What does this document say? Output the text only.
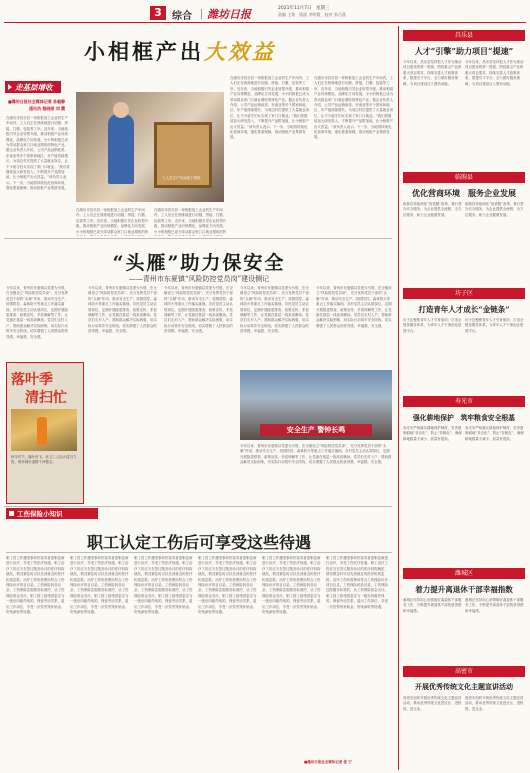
3	综合 潍坊日报	2021年11月7日　星期三
责编 王铭　版面 李明霞　校对 张巧燕
小相框产出大效益
走基层增收
■潍坊日报社全媒体记者 孙毅静
通讯员 程晓丽 刘 霞
在潍坊市昌乐县一家相框加工企业的生产车间内，工人们正在熟练地进行切割、拼接、打磨、包装等工序。近年来，当地积极引导企业转型升级，推动相框产业向规模化、品牌化方向发展，小小的相框已成为带动群众家门口就业增收的特色产业。据企业负责人介绍，公司产品远销欧美、东南亚等多个国家和地区，年产值持续增长，为周边村庄提供了大量就业岗位，让不少留守妇女实现了家门口就业。“我们将继续加大研发投入，不断提升产品附加值，让小相框产出大效益。”该负责人表示。下一步，当地将持续优化营商环境，强化要素保障，推动相框产业集群发展。
工人在生产车间加工相框
在潍坊市昌乐县一家相框加工企业的生产车间内，工人们正在熟练地进行切割、拼接、打磨、包装等工序。近年来，当地积极引导企业转型升级，推动相框产业向规模化、品牌化方向发展，小小的相框已成为带动群众家门口就业增收的特
在潍坊市昌乐县一家相框加工企业的生产车间内，工人们正在熟练地进行切割、拼接、打磨、包装等工序。近年来，当地积极引导企业转型升级，推动相框产业向规模化、品牌化方向发展，小小的相框已成为带动群众家门口就业增收的特
在潍坊市昌乐县一家相框加工企业的生产车间内，工人们正在熟练地进行切割、拼接、打磨、包装等工序。近年来，当地积极引导企业转型升级，推动相框产业向规模化、品牌化方向发展，小小的相框已成为带动群众家门口就业增收的特色产业。据企业负责人介绍，公司产品远销欧美、东南亚等多个国家和地区，年产值持续增长，为周边村庄提供了大量就业岗位，让不少留守妇女实现了家门口就业。“我们将继续加大研发投入，不断提升产品附加值，让小相框产出大效益。”该负责人表示。下一步，当地将持续优化营商环境，强化要素保障，推动相框产业集群发展。
在潍坊市昌乐县一家相框加工企业的生产车间内，工人们正在熟练地进行切割、拼接、打磨、包装等工序。近年来，当地积极引导企业转型升级，推动相框产业向规模化、品牌化方向发展，小小的相框已成为带动群众家门口就业增收的特色产业。据企业负责人介绍，公司产品远销欧美、东南亚等多个国家和地区，年产值持续增长，为周边村庄提供了大量就业岗位，让不少留守妇女实现了家门口就业。“我们将继续加大研发投入，不断提升产品附加值，让小相框产出大效益。”该负责人表示。下一步，当地将持续优化营商环境，强化要素保障，推动相框产业集群发展。
“头雁”助力保安全
——青州市东夏镇“风险防控党员岗”建设侧记
今年以来，青州市东夏镇以党建为引领，在全镇设立“风险防控党员岗”，充分发挥党员干部的“头雁”作用，推动安全生产、疫情防控、森林防火等重点工作落实落细。各村党员主动认领岗位，定期开展隐患排查、政策宣传、矛盾调解等工作，让党旗在基层一线高高飘扬。党员们走村入户，帮助群众解决实际困难，用实际行动筑牢安全防线，切实增强了人民群众的获得感、幸福感、安全感。
落叶季
清扫忙
秋冬时节，落叶纷飞，环卫工人加大清扫力度，保持城市道路干净整洁。
今年以来，青州市东夏镇以党建为引领，在全镇设立“风险防控党员岗”，充分发挥党员干部的“头雁”作用，推动安全生产、疫情防控、森林防火等重点工作落实落细。各村党员主动认领岗位，定期开展隐患排查、政策宣传、矛盾调解等工作，让党旗在基层一线高高飘扬。党员们走村入户，帮助群众解决实际困难，用实际行动筑牢安全防线，切实增强了人民群众的获得感、幸福感、安全感。
今年以来，青州市东夏镇以党建为引领，在全镇设立“风险防控党员岗”，充分发挥党员干部的“头雁”作用，推动安全生产、疫情防控、森林防火等重点工作落实落细。各村党员主动认领岗位，定期开展隐患排查、政策宣传、矛盾调解等工作，让党旗在基层一线高高飘扬。党员们走村入户，帮助群众解决实际困难，用实际行动筑牢安全防线，切实增强了人民群众的获得感、幸福感、安全感。
今年以来，青州市东夏镇以党建为引领，在全镇设立“风险防控党员岗”，充分发挥党员干部的“头雁”作用，推动安全生产、疫情防控、森林防火等重点工作落实落细。各村党员主动认领岗位，定期开展隐患排查、政策宣传、矛盾调解等工作，让党旗在基层一线高高飘扬。党员们走村入户，帮助群众解决实际困难，用实际行动筑牢安全防线，切实增强了人民群众的获得感、幸福感、安全感。
今年以来，青州市东夏镇以党建为引领，在全镇设立“风险防控党员岗”，充分发挥党员干部的“头雁”作用，推动安全生产、疫情防控、森林防火等重点工作落实落细。各村党员主动认领岗位，定期开展隐患排查、政策宣传、矛盾调解等工作，让党旗在基层一线高高飘扬。党员们走村入户，帮助群众解决实际困难，用实际行动筑牢安全防线，切实增强了人民群众的获得感、幸福感、安全感。
安全生产 警钟长鸣
今年以来，青州市东夏镇以党建为引领，在全镇设立“风险防控党员岗”，充分发挥党员干部的“头雁”作用，推动安全生产、疫情防控、森林防火等重点工作落实落细。各村党员主动认领岗位，定期开展隐患排查、政策宣传、矛盾调解等工作，让党旗在基层一线高高飘扬。党员们走村入户，帮助群众解决实际困难，用实际行动筑牢安全防线，切实增强了人民群众的获得感、幸福感、安全感。
工伤保险小知识
职工认定工伤后可享受这些待遇
职工因工作遭受事故伤害或者患职业病进行治疗，享受工伤医疗待遇。职工治疗工伤应当在签订服务协议的医疗机构就医，情况紧急时可以先到就近的医疗机构急救。治疗工伤所需费用符合工伤保险诊疗项目目录、工伤保险药品目录、工伤保险住院服务标准的，从工伤保险基金支付。职工因工致残被鉴定为一级至四级伤残的，保留劳动关系，退出工作岗位，享受一次性伤残补助金、伤残津贴等待遇。
职工因工作遭受事故伤害或者患职业病进行治疗，享受工伤医疗待遇。职工治疗工伤应当在签订服务协议的医疗机构就医，情况紧急时可以先到就近的医疗机构急救。治疗工伤所需费用符合工伤保险诊疗项目目录、工伤保险药品目录、工伤保险住院服务标准的，从工伤保险基金支付。职工因工致残被鉴定为一级至四级伤残的，保留劳动关系，退出工作岗位，享受一次性伤残补助金、伤残津贴等待遇。
职工因工作遭受事故伤害或者患职业病进行治疗，享受工伤医疗待遇。职工治疗工伤应当在签订服务协议的医疗机构就医，情况紧急时可以先到就近的医疗机构急救。治疗工伤所需费用符合工伤保险诊疗项目目录、工伤保险药品目录、工伤保险住院服务标准的，从工伤保险基金支付。职工因工致残被鉴定为一级至四级伤残的，保留劳动关系，退出工作岗位，享受一次性伤残补助金、伤残津贴等待遇。
职工因工作遭受事故伤害或者患职业病进行治疗，享受工伤医疗待遇。职工治疗工伤应当在签订服务协议的医疗机构就医，情况紧急时可以先到就近的医疗机构急救。治疗工伤所需费用符合工伤保险诊疗项目目录、工伤保险药品目录、工伤保险住院服务标准的，从工伤保险基金支付。职工因工致残被鉴定为一级至四级伤残的，保留劳动关系，退出工作岗位，享受一次性伤残补助金、伤残津贴等待遇。
职工因工作遭受事故伤害或者患职业病进行治疗，享受工伤医疗待遇。职工治疗工伤应当在签订服务协议的医疗机构就医，情况紧急时可以先到就近的医疗机构急救。治疗工伤所需费用符合工伤保险诊疗项目目录、工伤保险药品目录、工伤保险住院服务标准的，从工伤保险基金支付。职工因工致残被鉴定为一级至四级伤残的，保留劳动关系，退出工作岗位，享受一次性伤残补助金、伤残津贴等待遇。
职工因工作遭受事故伤害或者患职业病进行治疗，享受工伤医疗待遇。职工治疗工伤应当在签订服务协议的医疗机构就医，情况紧急时可以先到就近的医疗机构急救。治疗工伤所需费用符合工伤保险诊疗项目目录、工伤保险药品目录、工伤保险住院服务标准的，从工伤保险基金支付。职工因工致残被鉴定为一级至四级伤残的，保留劳动关系，退出工作岗位，享受一次性伤残补助金、伤残津贴等待遇。
■潍坊日报社全媒体记者 张 宁
昌乐县
人才“引擎”助力项目“提速”
今年以来，昌乐县坚持把人才作为推动项目建设的第一资源，围绕重点产业和重大项目需求，持续完善人才政策体系，搭建引才平台，全力做好服务保障，为项目建设注入强劲动能。
今年以来，昌乐县坚持把人才作为推动项目建设的第一资源，围绕重点产业和重大项目需求，持续完善人才政策体系，搭建引才平台，全力做好服务保障，为项目建设注入强劲动能。
临朐县
优化营商环境　服务企业发展
临朐县持续深化“放管服”改革，推行帮办代办服务，为企业提供全流程、全方位服务，助力企业健康发展。
临朐县持续深化“放管服”改革，推行帮办代办服务，为企业提供全流程、全方位服务，助力企业健康发展。
坊子区
打造青年人才成长“金链条”
坊子区聚焦青年人才引育留用，打造全链条服务体系，为青年人才干事创业搭建平台。
坊子区聚焦青年人才引育留用，打造全链条服务体系，为青年人才干事创业搭建平台。
寿光市
强化耕地保护　筑牢粮食安全根基
寿光市严格落实耕地保护制度，坚决遏制耕地“非农化”、防止“非粮化”，确保耕地数量不减少、质量有提高。
寿光市严格落实耕地保护制度，坚决遏制耕地“非农化”、防止“非粮化”，确保耕地数量不减少、质量有提高。
潍城区
着力提升离退休干部幸福指数
潍城区坚持用心用情做好离退休干部服务工作，不断提升离退休干部的获得感和幸福感。
潍城区坚持用心用情做好离退休干部服务工作，不断提升离退休干部的获得感和幸福感。
高密市
开展优秀传统文化主题宣讲活动
高密市组织开展优秀传统文化主题宣讲活动，推动优秀传统文化进社区、进校园、进企业。
高密市组织开展优秀传统文化主题宣讲活动，推动优秀传统文化进社区、进校园、进企业。
